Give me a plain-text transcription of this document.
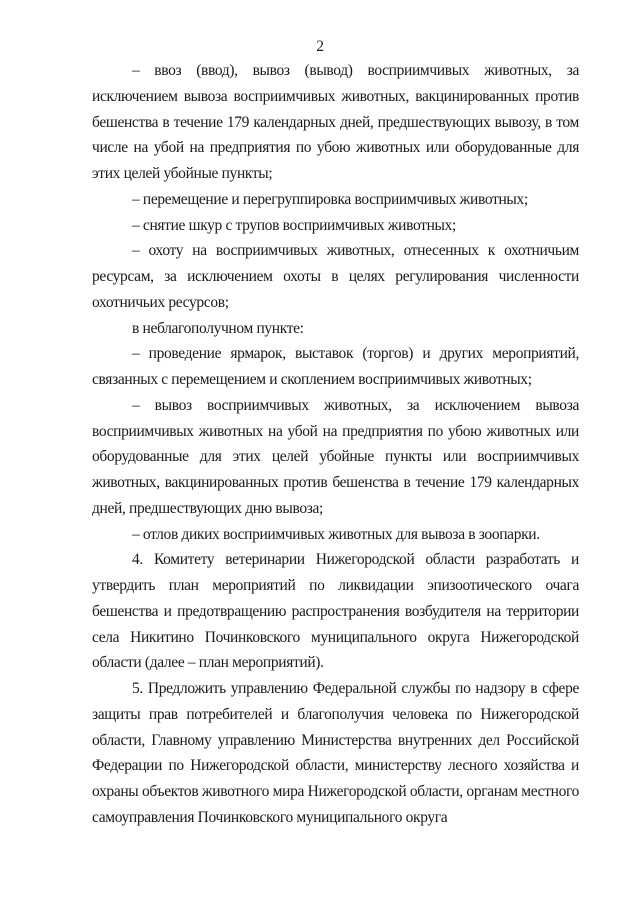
2

– ввоз (ввод), вывоз (вывод) восприимчивых животных, за исключением вывоза восприимчивых животных, вакцинированных против бешенства в течение 179 календарных дней, предшествующих вывозу, в том числе на убой на предприятия по убою животных или оборудованные для этих целей убойные пункты;

– перемещение и перегруппировка восприимчивых животных;

– снятие шкур с трупов восприимчивых животных;

– охоту на восприимчивых животных, отнесенных к охотничьим ресурсам, за исключением охоты в целях регулирования численности охотничьих ресурсов;

в неблагополучном пункте:

– проведение ярмарок, выставок (торгов) и других мероприятий, связанных с перемещением и скоплением восприимчивых животных;

– вывоз восприимчивых животных, за исключением вывоза восприимчивых животных на убой на предприятия по убою животных или оборудованные для этих целей убойные пункты или восприимчивых животных, вакцинированных против бешенства в течение 179 календарных дней, предшествующих дню вывоза;

– отлов диких восприимчивых животных для вывоза в зоопарки.

4. Комитету ветеринарии Нижегородской области разработать и утвердить план мероприятий по ликвидации эпизоотического очага бешенства и предотвращению распространения возбудителя на территории села Никитино Починковского муниципального округа Нижегородской области (далее – план мероприятий).

5. Предложить управлению Федеральной службы по надзору в сфере защиты прав потребителей и благополучия человека по Нижегородской области, Главному управлению Министерства внутренних дел Российской Федерации по Нижегородской области, министерству лесного хозяйства и охраны объектов животного мира Нижегородской области, органам местного самоуправления Починковского муниципального округа
